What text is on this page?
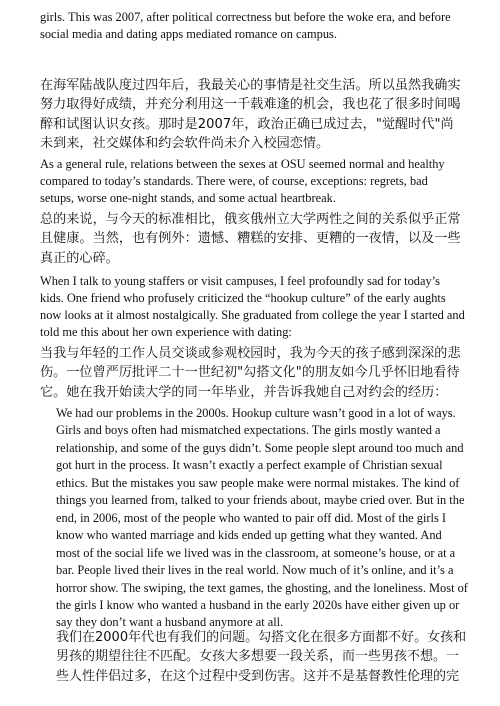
girls. This was 2007, after political correctness but before the woke era, and before social media and dating apps mediated romance on campus.

在海军陆战队度过四年后，我最关心的事情是社交生活。所以虽然我确实努力取得好成绩，并充分利用这一千载难逢的机会，我也花了很多时间喝醉和试图认识女孩。那时是2007年，政治正确已成过去，"觉醒时代"尚未到来，社交媒体和约会软件尚未介入校园恋情。

As a general rule, relations between the sexes at OSU seemed normal and healthy compared to today’s standards. There were, of course, exceptions: regrets, bad setups, worse one-night stands, and some actual heartbreak.

总的来说，与今天的标准相比，俄亥俄州立大学两性之间的关系似乎正常且健康。当然，也有例外：遗憾、糟糕的安排、更糟的一夜情，以及一些真正的心碎。

When I talk to young staffers or visit campuses, I feel profoundly sad for today’s kids. One friend who profusely criticized the “hookup culture” of the early aughts now looks at it almost nostalgically. She graduated from college the year I started and told me this about her own experience with dating:

当我与年轻的工作人员交谈或参观校园时，我为今天的孩子感到深深的悲伤。一位曾严厉批评二十一世纪初"勾搭文化"的朋友如今几乎怀旧地看待它。她在我开始读大学的同一年毕业，并告诉我她自己对约会的经历：

We had our problems in the 2000s. Hookup culture wasn’t good in a lot of ways. Girls and boys often had mismatched expectations. The girls mostly wanted a relationship, and some of the guys didn’t. Some people slept around too much and got hurt in the process. It wasn’t exactly a perfect example of Christian sexual ethics. But the mistakes you saw people make were normal mistakes. The kind of things you learned from, talked to your friends about, maybe cried over. But in the end, in 2006, most of the people who wanted to pair off did. Most of the girls I know who wanted marriage and kids ended up getting what they wanted. And most of the social life we lived was in the classroom, at someone’s house, or at a bar. People lived their lives in the real world. Now much of it’s online, and it’s a horror show. The swiping, the text games, the ghosting, and the loneliness. Most of the girls I know who wanted a husband in the early 2020s have either given up or say they don’t want a husband anymore at all.

我们在2000年代也有我们的问题。勾搭文化在很多方面都不好。女孩和
男孩的期望往往不匹配。女孩大多想要一段关系，而一些男孩不想。一
些人性伴侣过多，在这个过程中受到伤害。这并不是基督教性伦理的完
